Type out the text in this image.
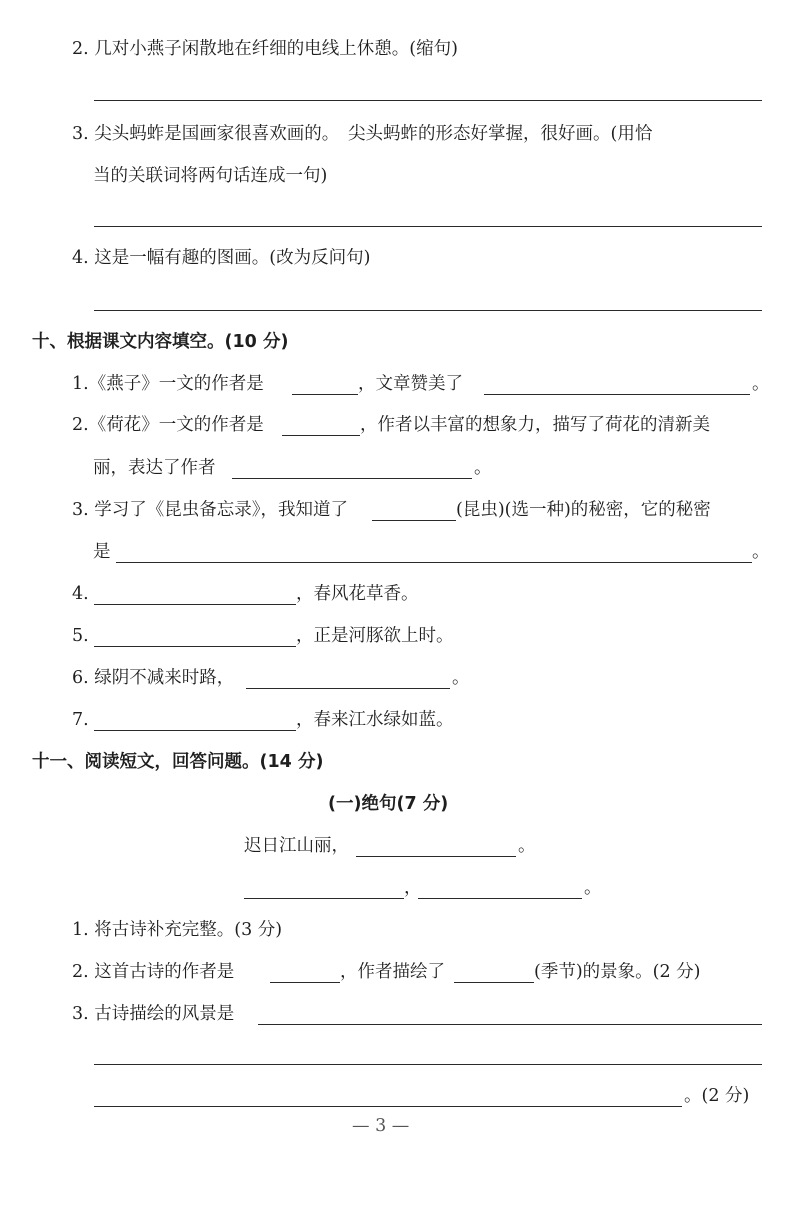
2. 几对小燕子闲散地在纤细的电线上休憩。(缩句)
3. 尖头蚂蚱是国画家很喜欢画的。　尖头蚂蚱的形态好掌握，很好画。(用恰
当的关联词将两句话连成一句)
4. 这是一幅有趣的图画。(改为反问句)
十、根据课文内容填空。(10 分)
1.《燕子》一文的作者是	，文章赞美了	。
2.《荷花》一文的作者是	，作者以丰富的想象力，描写了荷花的清新美
丽，表达了作者	。
3. 学习了《昆虫备忘录》，我知道了	(昆虫)(选一种)的秘密，它的秘密
是	。
4.	，春风花草香。
5.	，正是河豚欲上时。
6. 绿阴不减来时路，	。
7.	，春来江水绿如蓝。
十一、阅读短文，回答问题。(14 分)
(一)绝句(7 分)
迟日江山丽，	。
，	。
1. 将古诗补充完整。(3 分)
2. 这首古诗的作者是	，作者描绘了	(季节)的景象。(2 分)
3. 古诗描绘的风景是
。(2 分)
— 3 —
